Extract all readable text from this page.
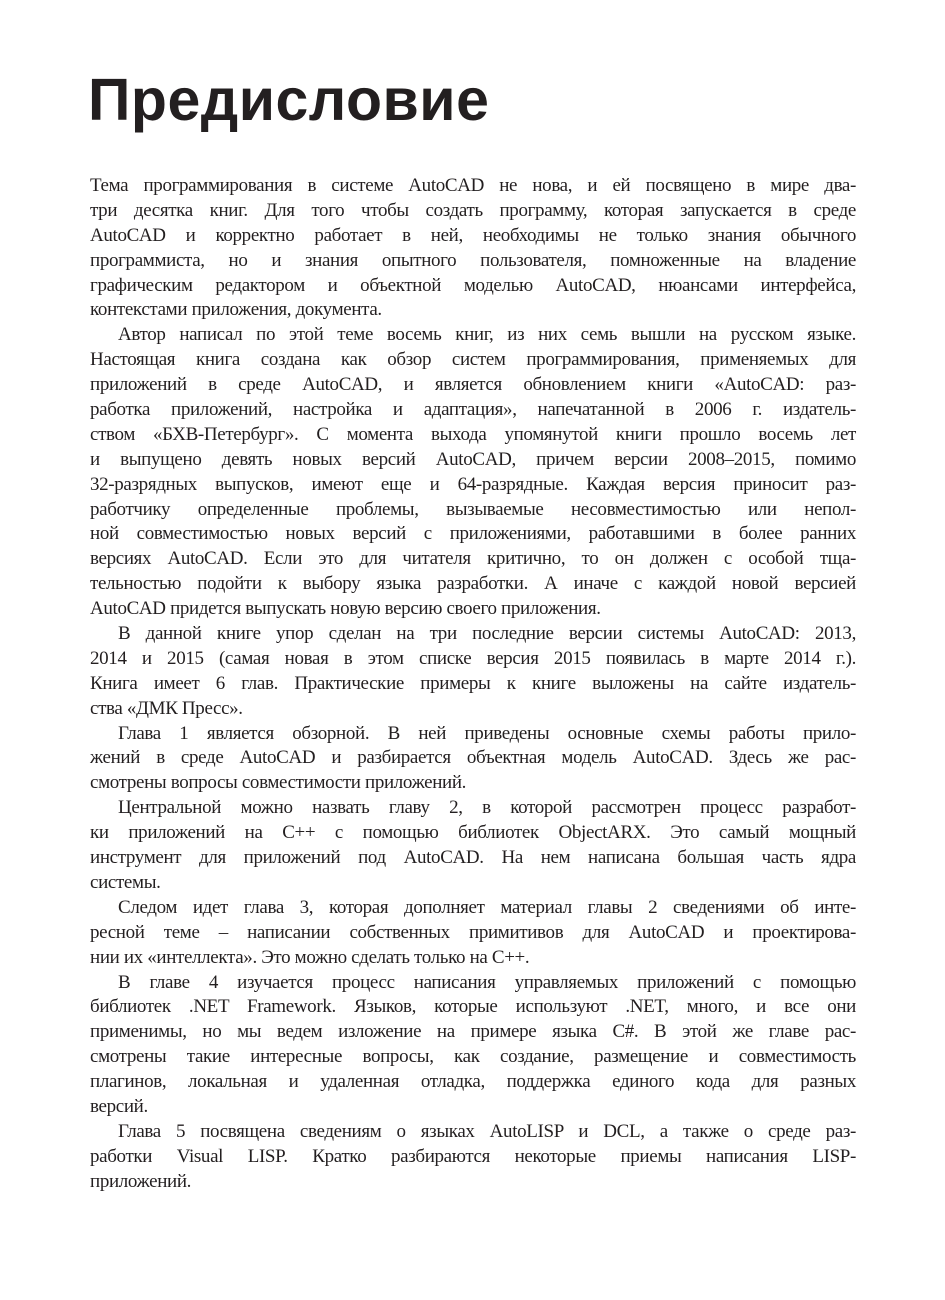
Предисловие
Тема программирования в системе AutoCAD не нова, и ей посвящено в мире два-
три десятка книг. Для того чтобы создать программу, которая запускается в среде
AutoCAD и корректно работает в ней, необходимы не только знания обычного
программиста, но и знания опытного пользователя, помноженные на владение
графическим редактором и объектной моделью AutoCAD, нюансами интерфейса,
контекстами приложения, документа.
Автор написал по этой теме восемь книг, из них семь вышли на русском языке.
Настоящая книга создана как обзор систем программирования, применяемых для
приложений в среде AutoCAD, и является обновлением книги «AutoCAD: раз-
работка приложений, настройка и адаптация», напечатанной в 2006 г. издатель-
ством «БХВ-Петербург». С момента выхода упомянутой книги прошло восемь лет
и выпущено девять новых версий AutoCAD, причем версии 2008–2015, помимо
32-разрядных выпусков, имеют еще и 64-разрядные. Каждая версия приносит раз-
работчику определенные проблемы, вызываемые несовместимостью или непол-
ной совместимостью новых версий с приложениями, работавшими в более ранних
версиях AutoCAD. Если это для читателя критично, то он должен с особой тща-
тельностью подойти к выбору языка разработки. А иначе с каждой новой версией
AutoCAD придется выпускать новую версию своего приложения.
В данной книге упор сделан на три последние версии системы AutoCAD: 2013,
2014 и 2015 (самая новая в этом списке версия 2015 появилась в марте 2014 г.).
Книга имеет 6 глав. Практические примеры к книге выложены на сайте издатель-
ства «ДМК Пресс».
Глава 1 является обзорной. В ней приведены основные схемы работы прило-
жений в среде AutoCAD и разбирается объектная модель AutoCAD. Здесь же рас-
смотрены вопросы совместимости приложений.
Центральной можно назвать главу 2, в которой рассмотрен процесс разработ-
ки приложений на C++ с помощью библиотек ObjectARX. Это самый мощный
инструмент для приложений под AutoCAD. На нем написана большая часть ядра
системы.
Следом идет глава 3, которая дополняет материал главы 2 сведениями об инте-
ресной теме – написании собственных примитивов для AutoCAD и проектирова-
нии их «интеллекта». Это можно сделать только на C++.
В главе 4 изучается процесс написания управляемых приложений с помощью
библиотек .NET Framework. Языков, которые используют .NET, много, и все они
применимы, но мы ведем изложение на примере языка C#. В этой же главе рас-
смотрены такие интересные вопросы, как создание, размещение и совместимость
плагинов, локальная и удаленная отладка, поддержка единого кода для разных
версий.
Глава 5 посвящена сведениям о языках AutoLISP и DCL, а также о среде раз-
работки Visual LISP. Кратко разбираются некоторые приемы написания LISP-
приложений.
